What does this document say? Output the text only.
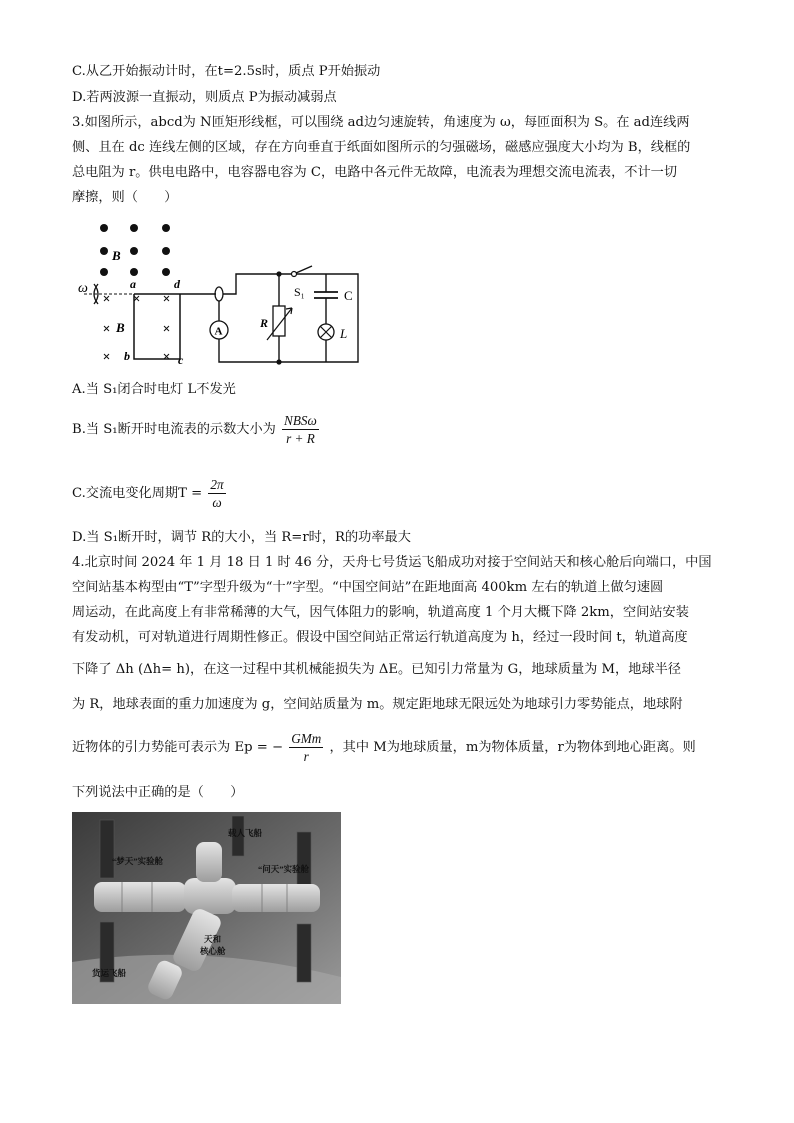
C.从乙开始振动计时，在t=2.5s时，质点 P开始振动
D.若两波源一直振动，则质点 P为振动减弱点
3.如图所示，abcd为 N匝矩形线框，可以围绕 ad边匀速旋转，角速度为 ω，每匝面积为 S。在 ad连线两
侧、且在 dc 连线左侧的区域，存在方向垂直于纸面如图所示的匀强磁场，磁感应强度大小均为 B，线框的
总电阻为 r。供电电路中，电容器电容为 C，电路中各元件无故障，电流表为理想交流电流表，不计一切
摩擦，则（　　）
B
ω
B
a	d
b	c
A
R
S₁	C
L
A.当 S₁闭合时电灯 L不发光
B.当 S₁断开时电流表的示数大小为 $\frac{\text{NBSω}}{r + R}$
C.交流电变化周期$T = \frac{2\pi}{\omega}$
D.当 S₁断开时，调节 R的大小，当 R=r时，R的功率最大
4.北京时间 2024 年 1 月 18 日 1 时 46 分，天舟七号货运飞船成功对接于空间站天和核心舱后向端口，中国
空间站基本构型由“T”字型升级为“十”字型。“中国空间站”在距地面高 400km 左右的轨道上做匀速圆
周运动，在此高度上有非常稀薄的大气，因气体阻力的影响，轨道高度 1 个月大概下降 2km，空间站安装
有发动机，可对轨道进行周期性修正。假设中国空间站正常运行轨道高度为 h，经过一段时间 t，轨道高度
下降了 Δh (Δh= h)，在这一过程中其机械能损失为 ΔE。已知引力常量为 G，地球质量为 M，地球半径
为 R，地球表面的重力加速度为 g，空间站质量为 m。规定距地球无限远处为地球引力零势能点，地球附
近物体的引力势能可表示为 Ep = − $\frac{\text{GMm}}{r}$ ，其中 M为地球质量，m为物体质量，r为物体到地心距离。则
下列说法中正确的是（　　）
“梦天”实验舱
载人飞船
“问天”实验舱
天和
核心舱
货运飞船
